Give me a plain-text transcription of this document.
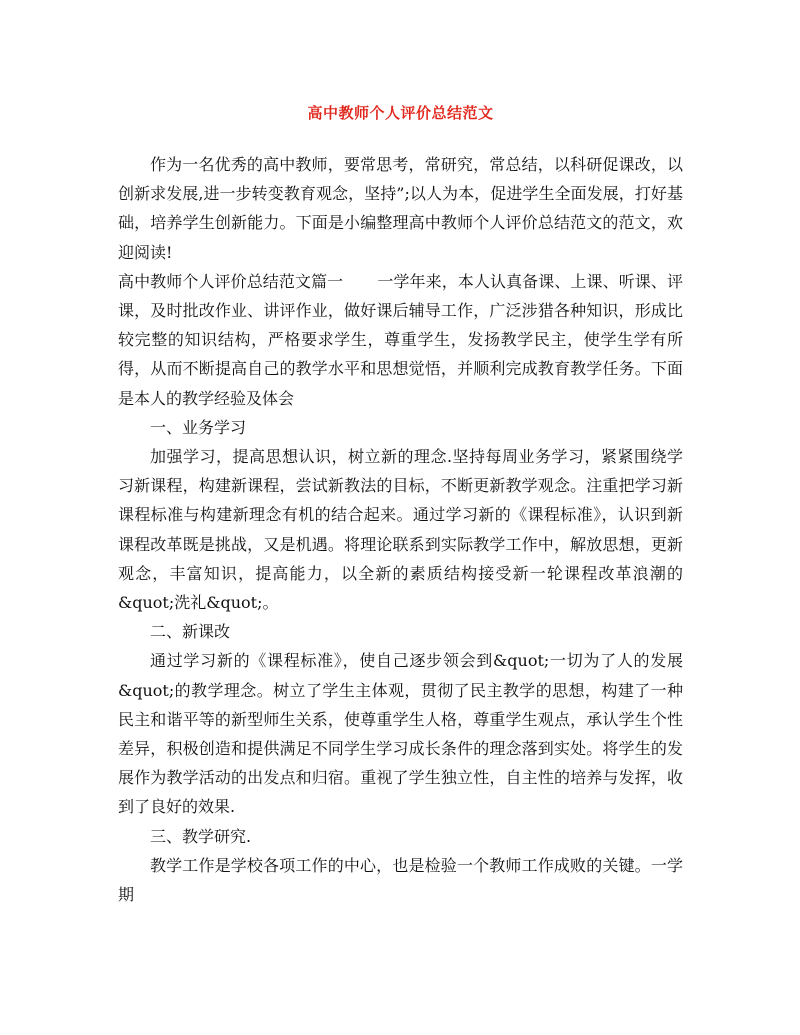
高中教师个人评价总结范文

作为一名优秀的高中教师，要常思考，常研究，常总结，以科研促课改，以创新求发展,进一步转变教育观念，坚持”;以人为本，促进学生全面发展，打好基础，培养学生创新能力。下面是小编整理高中教师个人评价总结范文的范文，欢迎阅读!

高中教师个人评价总结范文篇一 一学年来，本人认真备课、上课、听课、评课，及时批改作业、讲评作业，做好课后辅导工作，广泛涉猎各种知识，形成比较完整的知识结构，严格要求学生，尊重学生，发扬教学民主，使学生学有所得，从而不断提高自己的教学水平和思想觉悟，并顺利完成教育教学任务。下面是本人的教学经验及体会

一、业务学习

加强学习，提高思想认识，树立新的理念.坚持每周业务学习，紧紧围绕学习新课程，构建新课程，尝试新教法的目标，不断更新教学观念。注重把学习新课程标准与构建新理念有机的结合起来。通过学习新的《课程标准》，认识到新课程改革既是挑战，又是机遇。将理论联系到实际教学工作中，解放思想，更新观念，丰富知识，提高能力，以全新的素质结构接受新一轮课程改革浪潮的&quot;洗礼&quot;。

二、新课改

通过学习新的《课程标准》，使自己逐步领会到&quot;一切为了人的发展&quot;的教学理念。树立了学生主体观，贯彻了民主教学的思想，构建了一种民主和谐平等的新型师生关系，使尊重学生人格，尊重学生观点，承认学生个性差异，积极创造和提供满足不同学生学习成长条件的理念落到实处。将学生的发展作为教学活动的出发点和归宿。重视了学生独立性，自主性的培养与发挥，收到了良好的效果.

三、教学研究.

教学工作是学校各项工作的中心，也是检验一个教师工作成败的关键。一学期
